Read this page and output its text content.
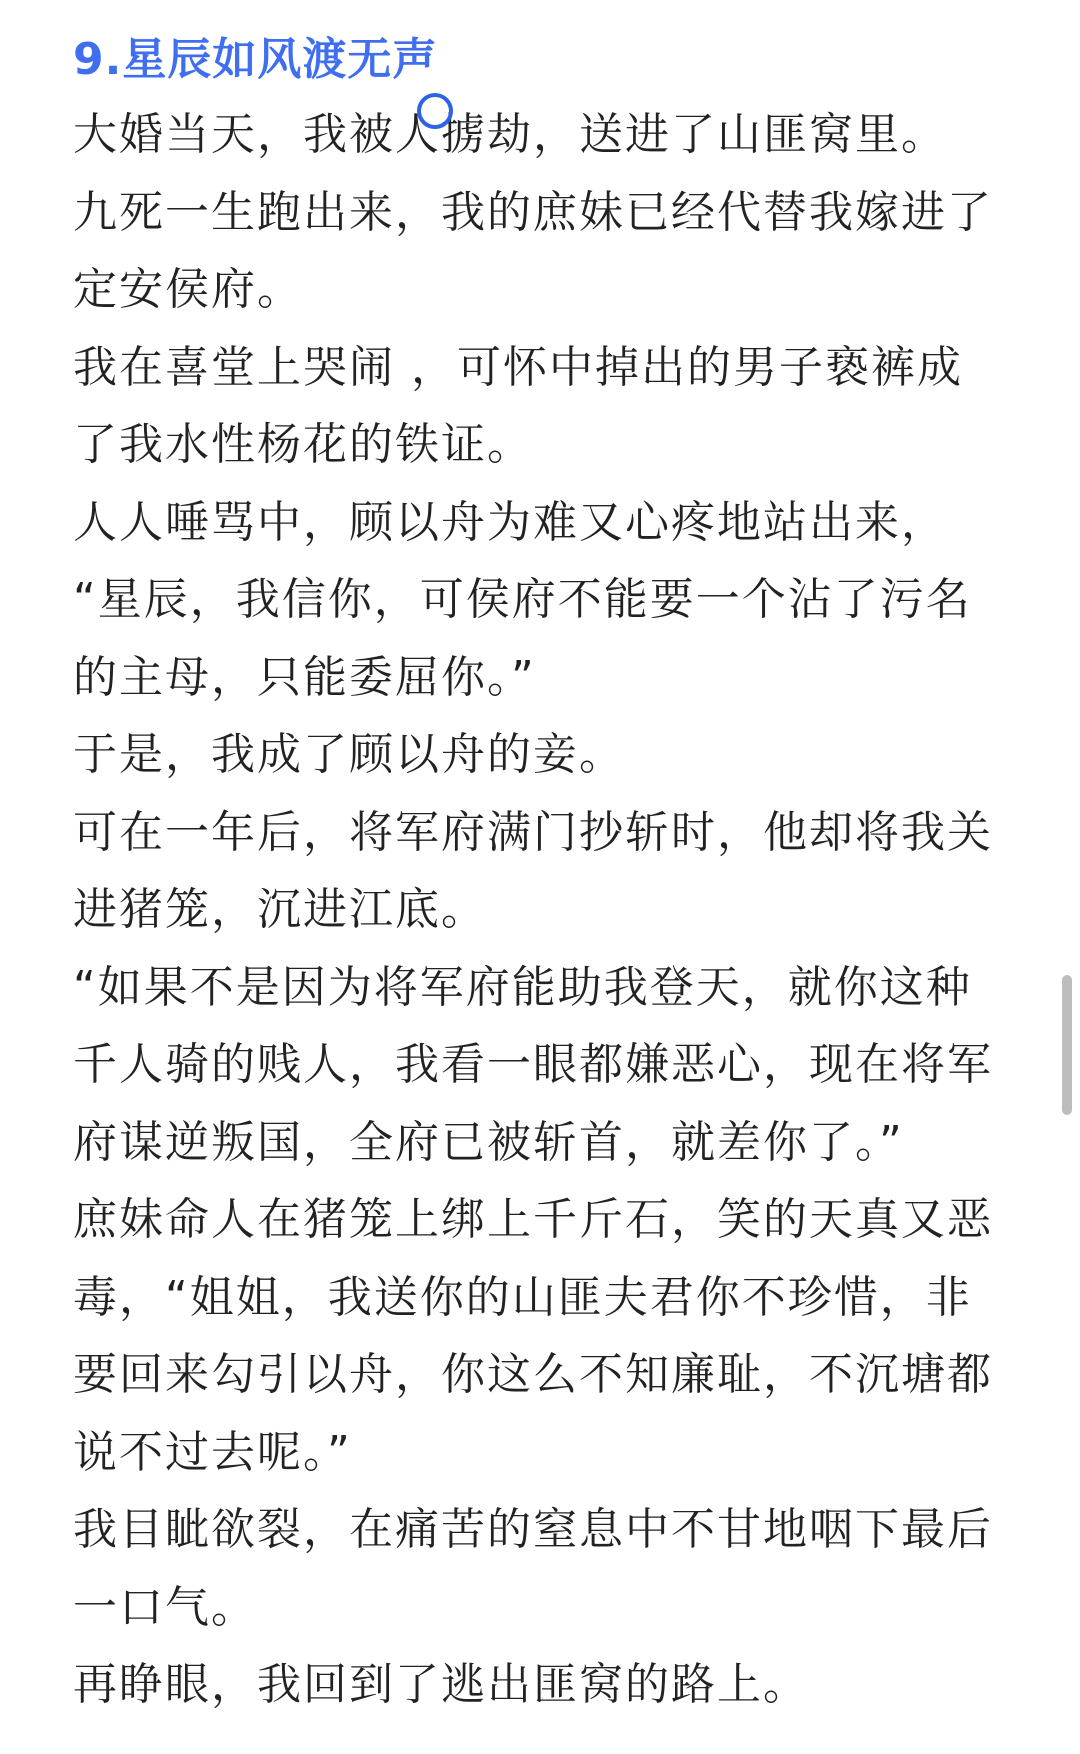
9.星辰如风渡无声

大婚当天，我被人掳劫，送进了山匪窝里。

九死一生跑出来，我的庶妹已经代替我嫁进了定安侯府。

我在喜堂上哭闹 ，可怀中掉出的男子亵裤成了我水性杨花的铁证。

人人唾骂中，顾以舟为难又心疼地站出来，

“星辰，我信你，可侯府不能要一个沾了污名的主母，只能委屈你。”

于是，我成了顾以舟的妾。

可在一年后，将军府满门抄斩时，他却将我关进猪笼，沉进江底。

“如果不是因为将军府能助我登天，就你这种千人骑的贱人，我看一眼都嫌恶心，现在将军府谋逆叛国，全府已被斩首，就差你了。”

庶妹命人在猪笼上绑上千斤石，笑的天真又恶毒，“姐姐，我送你的山匪夫君你不珍惜，非要回来勾引以舟，你这么不知廉耻，不沉塘都说不过去呢。”

我目眦欲裂，在痛苦的窒息中不甘地咽下最后一口气。

再睁眼，我回到了逃出匪窝的路上。
